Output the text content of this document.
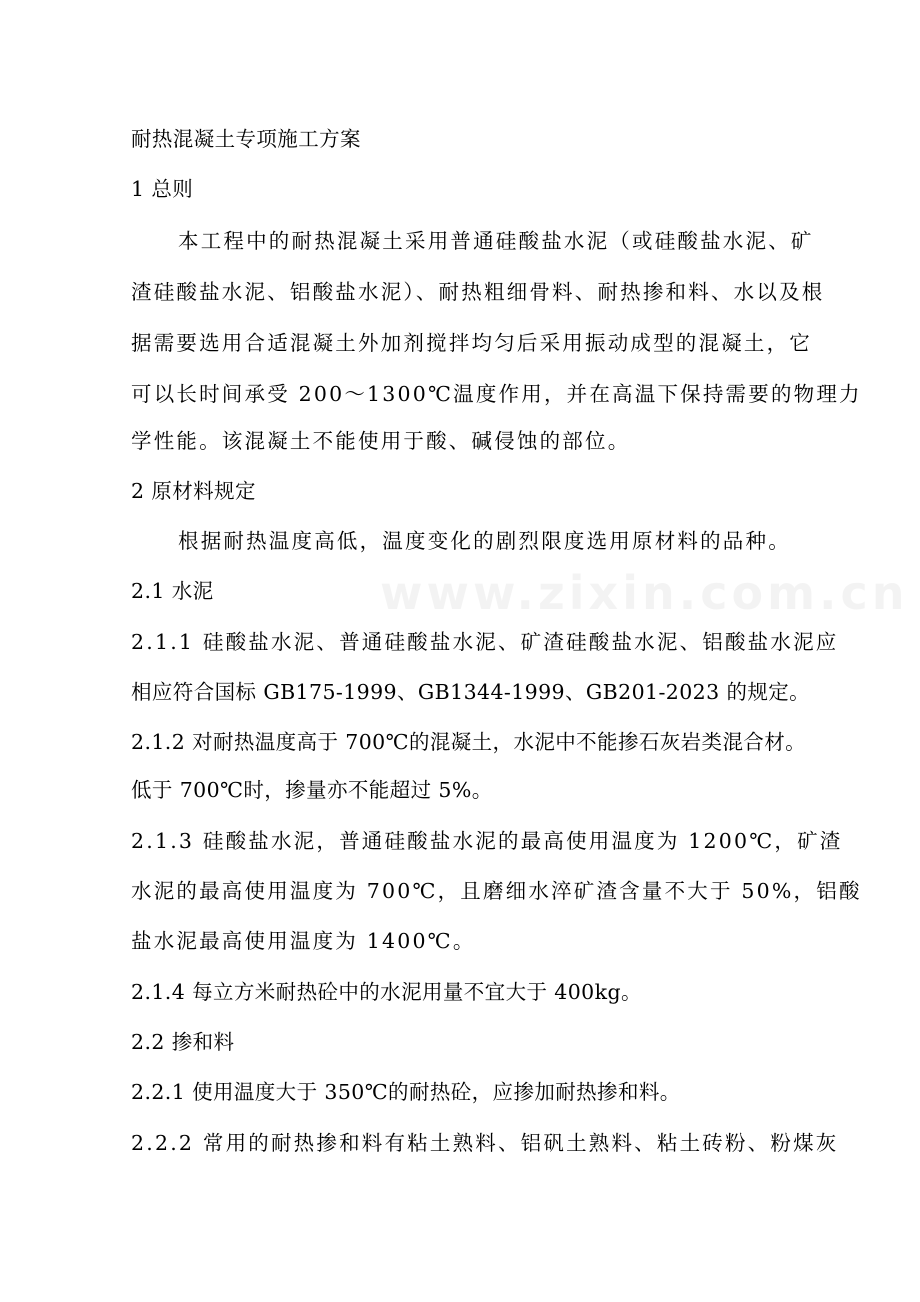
耐热混凝土专项施工方案
1 总则
本工程中的耐热混凝土采用普通硅酸盐水泥（或硅酸盐水泥、矿
渣硅酸盐水泥、铝酸盐水泥）、耐热粗细骨料、耐热掺和料、水以及根
据需要选用合适混凝土外加剂搅拌均匀后采用振动成型的混凝土，它
可以长时间承受 200～1300℃温度作用，并在高温下保持需要的物理力
学性能。该混凝土不能使用于酸、碱侵蚀的部位。
2 原材料规定
根据耐热温度高低，温度变化的剧烈限度选用原材料的品种。
2.1 水泥
2.1.1 硅酸盐水泥、普通硅酸盐水泥、矿渣硅酸盐水泥、铝酸盐水泥应
相应符合国标 GB175-1999、GB1344-1999、GB201-2023 的规定。
2.1.2 对耐热温度高于 700℃的混凝土，水泥中不能掺石灰岩类混合材。
低于 700℃时，掺量亦不能超过 5%。
2.1.3 硅酸盐水泥，普通硅酸盐水泥的最高使用温度为 1200℃，矿渣
水泥的最高使用温度为 700℃，且磨细水淬矿渣含量不大于 50%，铝酸
盐水泥最高使用温度为 1400℃。
2.1.4 每立方米耐热砼中的水泥用量不宜大于 400kg。
2.2 掺和料
2.2.1 使用温度大于 350℃的耐热砼，应掺加耐热掺和料。
2.2.2 常用的耐热掺和料有粘土熟料、铝矾土熟料、粘土砖粉、粉煤灰
